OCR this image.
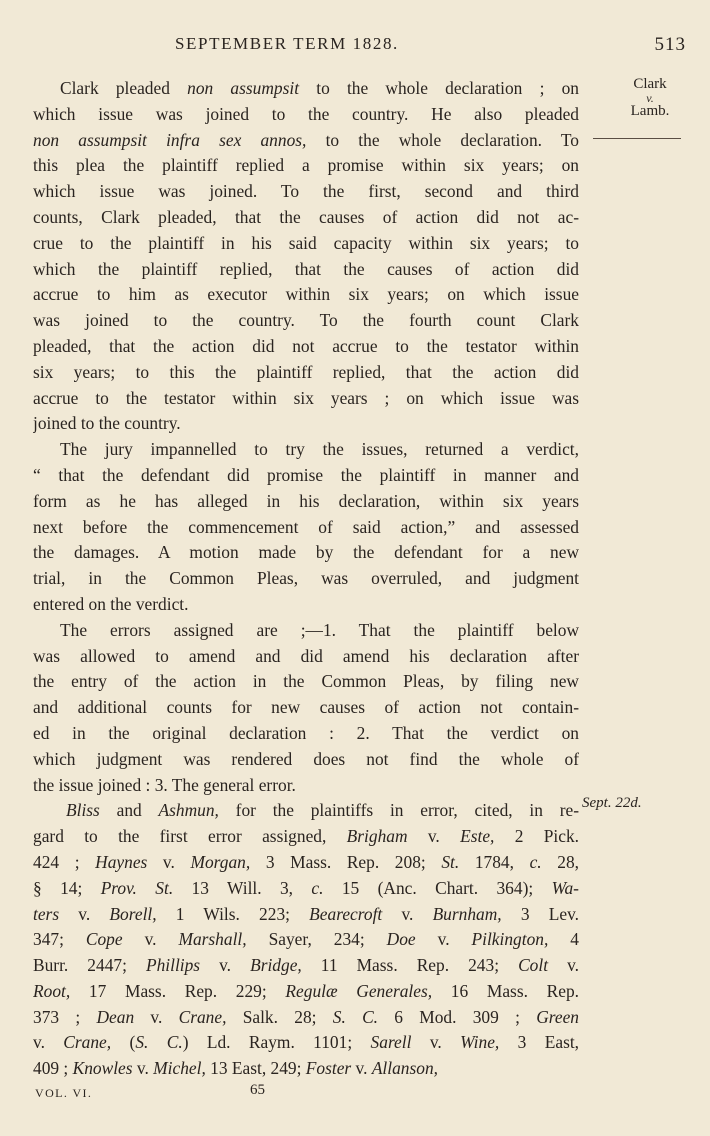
SEPTEMBER TERM 1828.	513
Clark
v.
Lamb.
Sept. 22d.
Clark pleaded non assumpsit to the whole declaration ; on
which issue was joined to the country. He also pleaded
non assumpsit infra sex annos, to the whole declaration. To
this plea the plaintiff replied a promise within six years; on
which issue was joined. To the first, second and third
counts, Clark pleaded, that the causes of action did not ac-
crue to the plaintiff in his said capacity within six years; to
which the plaintiff replied, that the causes of action did
accrue to him as executor within six years; on which issue
was joined to the country. To the fourth count Clark
pleaded, that the action did not accrue to the testator within
six years; to this the plaintiff replied, that the action did
accrue to the testator within six years ; on which issue was
joined to the country.
The jury impannelled to try the issues, returned a verdict,
“ that the defendant did promise the plaintiff in manner and
form as he has alleged in his declaration, within six years
next before the commencement of said action,” and assessed
the damages. A motion made by the defendant for a new
trial, in the Common Pleas, was overruled, and judgment
entered on the verdict.
The errors assigned are ;—1. That the plaintiff below
was allowed to amend and did amend his declaration after
the entry of the action in the Common Pleas, by filing new
and additional counts for new causes of action not contain-
ed in the original declaration : 2. That the verdict on
which judgment was rendered does not find the whole of
the issue joined : 3. The general error.
Bliss and Ashmun, for the plaintiffs in error, cited, in re-
gard to the first error assigned, Brigham v. Este, 2 Pick.
424 ; Haynes v. Morgan, 3 Mass. Rep. 208; St. 1784, c. 28,
§ 14; Prov. St. 13 Will. 3, c. 15 (Anc. Chart. 364); Wa-
ters v. Borell, 1 Wils. 223; Bearecroft v. Burnham, 3 Lev.
347; Cope v. Marshall, Sayer, 234; Doe v. Pilkington, 4
Burr. 2447; Phillips v. Bridge, 11 Mass. Rep. 243; Colt v.
Root, 17 Mass. Rep. 229; Regulæ Generales, 16 Mass. Rep.
373 ; Dean v. Crane, Salk. 28; S. C. 6 Mod. 309 ; Green
v. Crane, (S. C.) Ld. Raym. 1101; Sarell v. Wine, 3 East,
409 ; Knowles v. Michel, 13 East, 249; Foster v. Allanson,
VOL. VI.	65
